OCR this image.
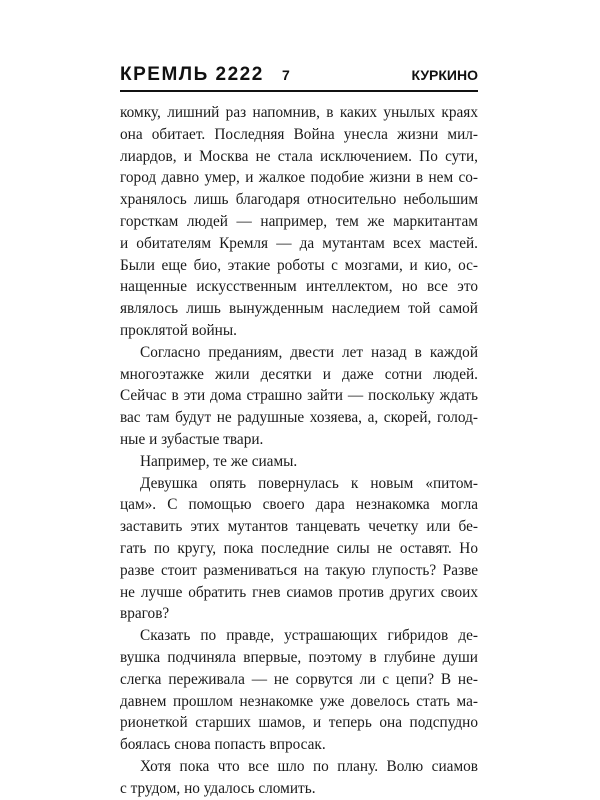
КРЕМЛЬ 2222 7	КУРКИНО
комку, лишний раз напомнив, в каких унылых краях
она обитает. Последняя Война унесла жизни мил-
лиардов, и Москва не стала исключением. По сути,
город давно умер, и жалкое подобие жизни в нем со-
хранялось лишь благодаря относительно небольшим
горсткам людей — например, тем же маркитантам
и обитателям Кремля — да мутантам всех мастей.
Были еще био, этакие роботы с мозгами, и кио, ос-
нащенные искусственным интеллектом, но все это
являлось лишь вынужденным наследием той самой
проклятой войны.
Согласно преданиям, двести лет назад в каждой
многоэтажке жили десятки и даже сотни людей.
Сейчас в эти дома страшно зайти — поскольку ждать
вас там будут не радушные хозяева, а, скорей, голод-
ные и зубастые твари.
Например, те же сиамы.
Девушка опять повернулась к новым «питом-
цам». С помощью своего дара незнакомка могла
заставить этих мутантов танцевать чечетку или бе-
гать по кругу, пока последние силы не оставят. Но
разве стоит размениваться на такую глупость? Разве
не лучше обратить гнев сиамов против других своих
врагов?
Сказать по правде, устрашающих гибридов де-
вушка подчиняла впервые, поэтому в глубине души
слегка переживала — не сорвутся ли с цепи? В не-
давнем прошлом незнакомке уже довелось стать ма-
рионеткой старших шамов, и теперь она подспудно
боялась снова попасть впросак.
Хотя пока что все шло по плану. Волю сиамов
с трудом, но удалось сломить.
